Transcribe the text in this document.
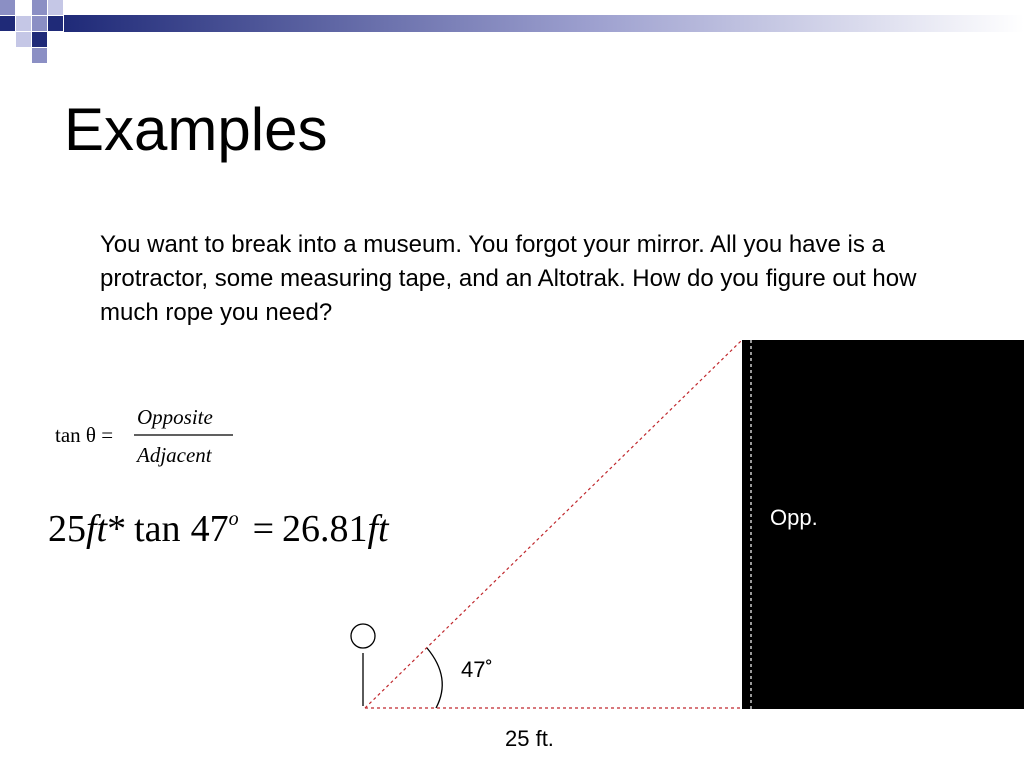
Examples
You want to break into a museum. You forgot your mirror. All you have is a protractor, some measuring tape, and an Altotrak. How do you figure out how much rope you need?
tan θ =
Opposite
Adjacent
25ft* $\tan 47^o = 26.81ft$	Opp.
47˚
25 ft.
